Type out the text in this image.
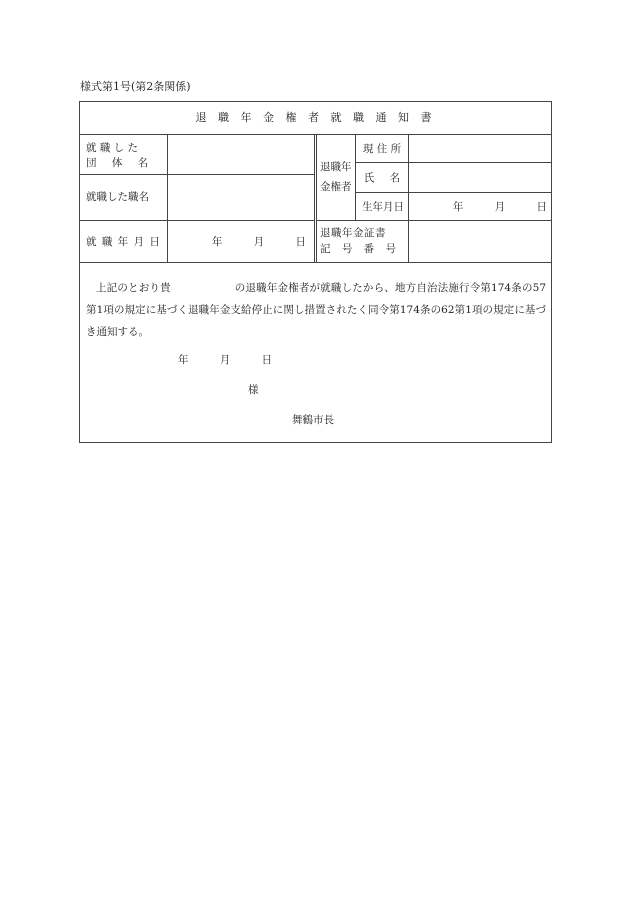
様式第1号(第2条関係)
退 職 年 金 権 者 就 職 通 知 書
就 職 し た
団 体 名
就職した職名
就 職 年 月 日	年 月 日
退職年
金権者
現 住 所
氏 名
生年月日	年 月 日
退職年金証書
記 号 番 号
上記のとおり貴　　　　　　の退職年金権者が就職したから、地方自治法施行令第174条の57第1項の規定に基づく退職年金支給停止に関し措置されたく同令第174条の62第1項の規定に基づき通知する。
年 月 日
様
舞鶴市長
